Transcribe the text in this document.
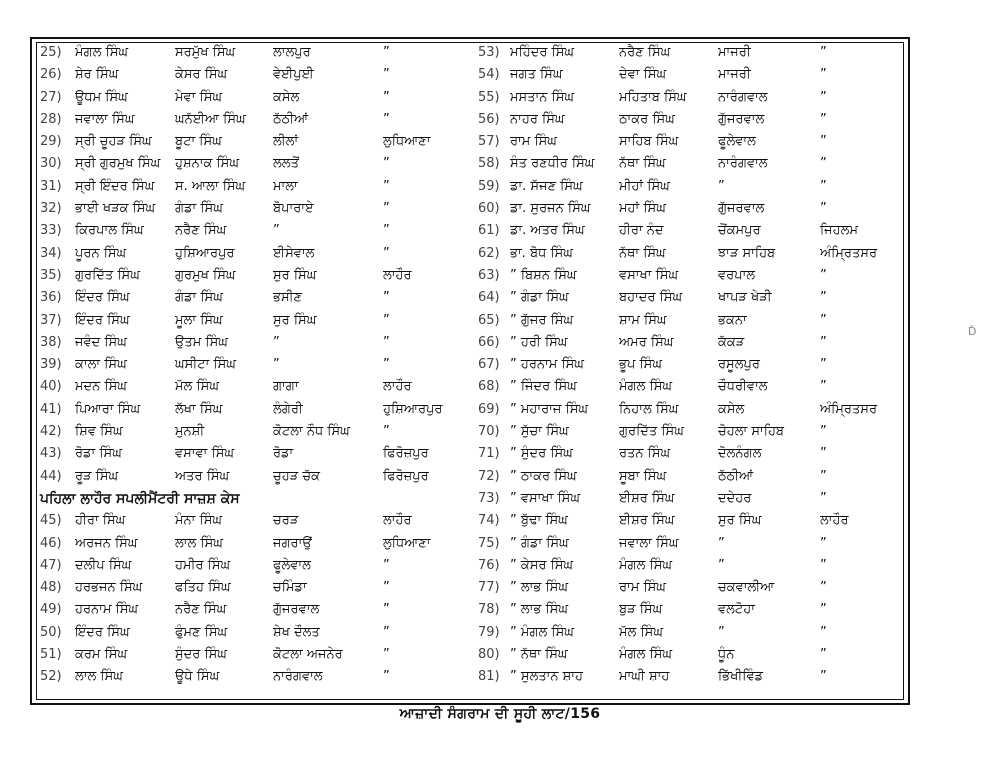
25)	ਮੰਗਲ ਸਿੰਘ	ਸਰਮੁੱਖ ਸਿੰਘ	ਲਾਲਪੁਰ	”
26)	ਸ਼ੇਰ ਸਿੰਘ	ਕੇਸਰ ਸਿੰਘ	ਵੇਈਪੁਈ	”
27)	ਊਧਮ ਸਿੰਘ	ਮੇਵਾ ਸਿੰਘ	ਕਸੇਲ	”
28)	ਜਵਾਲਾ ਸਿੰਘ	ਘਨੱਈਆ ਸਿੰਘ	ਠੱਠੀਆਂ	”
29)	ਸ੍ਰੀ ਚੂਹੜ ਸਿੰਘ	ਬੂਟਾ ਸਿੰਘ	ਲੀਲਾਂ	ਲੁਧਿਆਣਾ
30)	ਸ੍ਰੀ ਗੁਰਮੁਖ ਸਿੰਘ	ਹੁਸ਼ਨਾਕ ਸਿੰਘ	ਲਲਤੋਂ	”
31)	ਸ੍ਰੀ ਇੰਦਰ ਸਿੰਘ	ਸ. ਆਲਾ ਸਿੰਘ	ਮਾਲਾ	”
32)	ਭਾਈ ਖੜਕ ਸਿੰਘ	ਗੰਡਾ ਸਿੰਘ	ਬੋਪਾਰਾਏ	”
33)	ਕਿਰਪਾਲ ਸਿੰਘ	ਨਰੈਣ ਸਿੰਘ	”	”
34)	ਪੂਰਨ ਸਿੰਘ	ਹੁਸ਼ਿਆਰਪੁਰ	ਈਸੇਵਾਲ	”
35)	ਗੁਰਦਿੱਤ ਸਿੰਘ	ਗੁਰਮੁਖ ਸਿੰਘ	ਸੁਰ ਸਿੰਘ	ਲਾਹੌਰ
36)	ਇੰਦਰ ਸਿੰਘ	ਗੰਡਾ ਸਿੰਘ	ਭਸੀਣ	”
37)	ਇੰਦਰ ਸਿੰਘ	ਮੂਲਾ ਸਿੰਘ	ਸੁਰ ਸਿੰਘ	”
38)	ਜਵੰਦ ਸਿੰਘ	ਉਤਮ ਸਿੰਘ	”	”
39)	ਕਾਲਾ ਸਿੰਘ	ਘਸੀਟਾ ਸਿੰਘ	”	”
40)	ਮਦਨ ਸਿੰਘ	ਮੱਲ ਸਿੰਘ	ਗਾਗਾ	ਲਾਹੌਰ
41)	ਪਿਆਰਾ ਸਿੰਘ	ਲੱਖਾ ਸਿੰਘ	ਲੰਗੇਰੀ	ਹੁਸ਼ਿਆਰਪੁਰ
42)	ਸ਼ਿਵ ਸਿੰਘ	ਮੁਨਸ਼ੀ	ਕੋਟਲਾ ਨੌਧ ਸਿੰਘ	”
43)	ਰੋਡਾ ਸਿੰਘ	ਵਸਾਵਾ ਸਿੰਘ	ਰੋਡਾ	ਫਿਰੋਜ਼ਪੁਰ
44)	ਰੂੜ ਸਿੰਘ	ਅਤਰ ਸਿੰਘ	ਚੂਹੜ ਚੱਕ	ਫਿਰੋਜ਼ਪੁਰ
ਪਹਿਲਾ ਲਾਹੌਰ ਸਪਲੀਮੈਂਟਰੀ ਸਾਜ਼ਸ਼ ਕੇਸ
45)	ਹੀਰਾ ਸਿੰਘ	ਮੰਨਾ ਸਿੰਘ	ਚਰੜ	ਲਾਹੌਰ
46)	ਅਰਜਨ ਸਿੰਘ	ਲਾਲ ਸਿੰਘ	ਜਗਰਾਉਂ	ਲੁਧਿਆਣਾ
47)	ਦਲੀਪ ਸਿੰਘ	ਹਮੀਰ ਸਿੰਘ	ਫੂਲੇਵਾਲ	”
48)	ਹਰਭਜਨ ਸਿੰਘ	ਫਤਿਹ ਸਿੰਘ	ਚਮਿੰਡਾ	”
49)	ਹਰਨਾਮ ਸਿੰਘ	ਨਰੈਣ ਸਿੰਘ	ਗੁੱਜਰਵਾਲ	”
50)	ਇੰਦਰ ਸਿੰਘ	ਫੁੰਮਣ ਸਿੰਘ	ਸ਼ੇਖ ਦੌਲਤ	”
51)	ਕਰਮ ਸਿੰਘ	ਸੁੰਦਰ ਸਿੰਘ	ਕੋਟਲਾ ਅਜਨੇਰ	”
52)	ਲਾਲ ਸਿੰਘ	ਊਧੇ ਸਿੰਘ	ਨਾਰੰਗਵਾਲ	”
53) ਮਹਿੰਦਰ ਸਿੰਘ	ਨਰੈਣ ਸਿੰਘ	ਮਾਜਰੀ	”
54) ਜਗਤ ਸਿੰਘ	ਦੇਵਾ ਸਿੰਘ	ਮਾਜਰੀ	”
55) ਮਸਤਾਨ ਸਿੰਘ	ਮਹਿਤਾਬ ਸਿੰਘ	ਨਾਰੰਗਵਾਲ	”
56) ਨਾਹਰ ਸਿੰਘ	ਠਾਕਰ ਸਿੰਘ	ਗੁੱਜਰਵਾਲ	”
57) ਰਾਮ ਸਿੰਘ	ਸਾਹਿਬ ਸਿੰਘ	ਫੂਲੇਵਾਲ	”
58) ਸੰਤ ਰਣਧੀਰ ਸਿੰਘ	ਨੱਥਾ ਸਿੰਘ	ਨਾਰੰਗਵਾਲ	”
59) ਡਾ. ਸੱਜਣ ਸਿੰਘ	ਮੀਹਾਂ ਸਿੰਘ	”	”
60) ਡਾ. ਸੁਰਜਨ ਸਿੰਘ	ਮਹਾਂ ਸਿੰਘ	ਗੁੱਜਰਵਾਲ	”
61) ਡਾ. ਅਤਰ ਸਿੰਘ	ਹੀਰਾ ਨੰਦ	ਚੋਂਕਮਪੁਰ	ਜਿਹਲਮ
62) ਭਾ. ਬੋਧ ਸਿੰਘ	ਨੱਥਾ ਸਿੰਘ	ਝਾੜ ਸਾਹਿਬ	ਅੰਮ੍ਰਿਤਸਰ
63) ” ਬਿਸ਼ਨ ਸਿੰਘ	ਵਸਾਖਾ ਸਿੰਘ	ਵਰਪਾਲ	”
64) ” ਗੰਡਾ ਸਿੰਘ	ਬਹਾਦਰ ਸਿੰਘ	ਖਾਪੜ ਖੇੜੀ	”
65) ” ਗੁੱਜਰ ਸਿੰਘ	ਸ਼ਾਮ ਸਿੰਘ	ਭਕਨਾ	”
66) ” ਹਰੀ ਸਿੰਘ	ਅਮਰ ਸਿੰਘ	ਕੱਕੜ	”
67) ” ਹਰਨਾਮ ਸਿੰਘ	ਭੂਪ ਸਿੰਘ	ਰਸੂਲਪੁਰ	”
68) ” ਜਿੰਦਰ ਸਿੰਘ	ਮੰਗਲ ਸਿੰਘ	ਚੌਧਰੀਵਾਲ	”
69) ” ਮਹਾਰਾਜ ਸਿੰਘ	ਨਿਹਾਲ ਸਿੰਘ	ਕਸੇਲ	ਅੰਮ੍ਰਿਤਸਰ
70) ” ਸੁੱਚਾ ਸਿੰਘ	ਗੁਰਦਿੱਤ ਸਿੰਘ	ਚੋਹਲਾ ਸਾਹਿਬ	”
71) ” ਸੁੰਦਰ ਸਿੰਘ	ਰਤਨ ਸਿੰਘ	ਦੋਲਨੰਗਲ	”
72) ” ਠਾਕਰ ਸਿੰਘ	ਸੂਬਾ ਸਿੰਘ	ਠੱਠੀਆਂ	”
73) ” ਵਸਾਖਾ ਸਿੰਘ	ਈਸ਼ਰ ਸਿੰਘ	ਦਦੇਹਰ	”
74) ” ਬੁੱਢਾ ਸਿੰਘ	ਈਸ਼ਰ ਸਿੰਘ	ਸੁਰ ਸਿੰਘ	ਲਾਹੌਰ
75) ” ਗੰਡਾ ਸਿੰਘ	ਜਵਾਲਾ ਸਿੰਘ	”	”
76) ” ਕੇਸਰ ਸਿੰਘ	ਮੰਗਲ ਸਿੰਘ	”	”
77) ” ਲਾਭ ਸਿੰਘ	ਰਾਮ ਸਿੰਘ	ਚਕਵਾਲੀਆ	”
78) ” ਲਾਭ ਸਿੰਘ	ਬੁੜ ਸਿੰਘ	ਵਲਟੋਹਾ	”
79) ” ਮੰਗਲ ਸਿੰਘ	ਮੱਲ ਸਿੰਘ	”	”
80) ” ਨੱਥਾ ਸਿੰਘ	ਮੰਗਲ ਸਿੰਘ	ਧੂੰਨ	”
81) ” ਸੁਲਤਾਨ ਸ਼ਾਹ	ਮਾਘੀ ਸ਼ਾਹ	ਭਿੱਖੀਵਿੰਡ	”
ਆਜ਼ਾਦੀ ਸੰਗਰਾਮ ਦੀ ਸੂਹੀ ਲਾਟ/156
Ď
